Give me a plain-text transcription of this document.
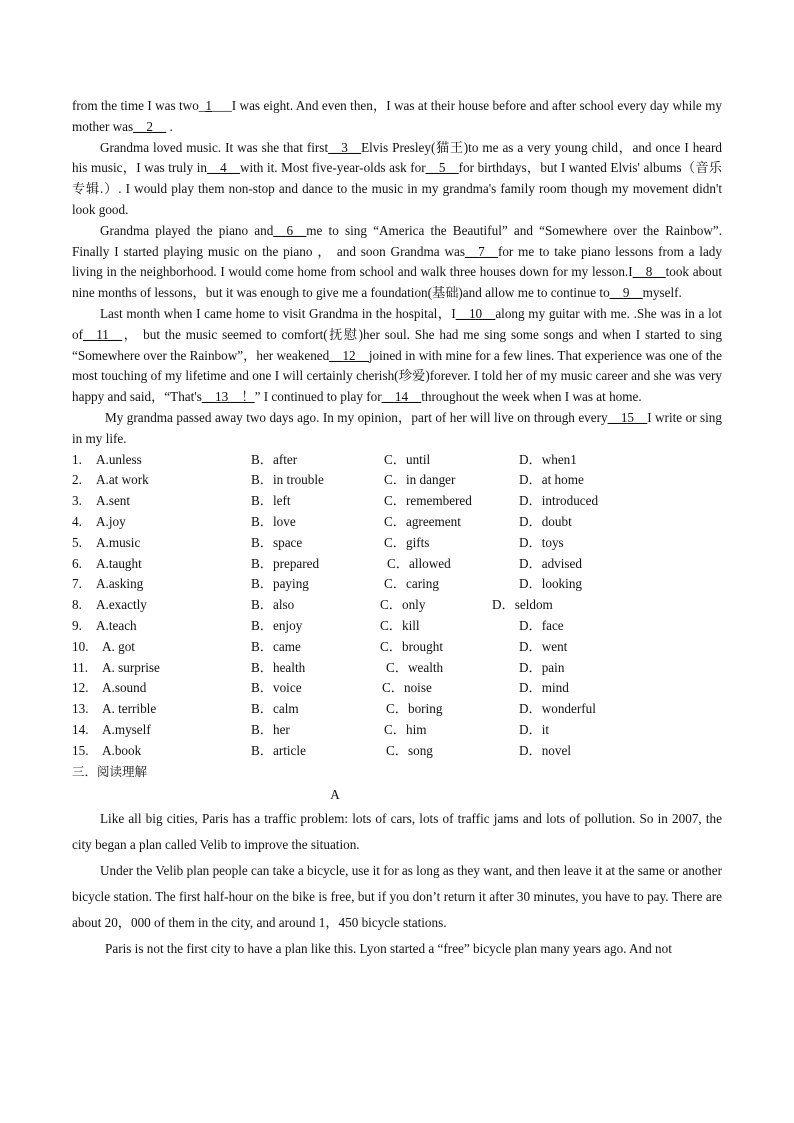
from the time I was two_1___I was eight. And even then，I was at their house before and after school every day while my mother was__2__ .

Grandma loved music. It was she that first__3__Elvis Presley(猫王)to me as a very young child，and once I heard his music，I was truly in__4__with it. Most five-year-olds ask for__5__for birthdays，but I wanted Elvis' albums（音乐专辑.）. I would play them non-stop and dance to the music in my grandma's family room though my movement didn't look good.

Grandma played the piano and__6__me to sing “America the Beautiful” and “Somewhere over the Rainbow”. Finally I started playing music on the piano ， and soon Grandma was__7__for me to take piano lessons from a lady living in the neighborhood. I would come home from school and walk three houses down for my lesson.I__8__took about nine months of lessons，but it was enough to give me a foundation(基础)and allow me to continue to__9__myself.

Last month when I came home to visit Grandma in the hospital，I__10__along my guitar with me. .She was in a lot of__11__， but the music seemed to comfort(抚慰)her soul. She had me sing some songs and when I started to sing “Somewhere over the Rainbow”，her weakened__12__joined in with mine for a few lines. That experience was one of the most touching of my lifetime and one I will certainly cherish(珍爱)forever. I told her of my music career and she was very happy and said，“That's__13__！” I continued to play for__14__throughout the week when I was at home.

My grandma passed away two days ago. In my opinion，part of her will live on through every__15__I write or sing in my life.

1. A.unless	B．after	C．until	D．when1
2. A.at work	B．in trouble	C．in danger	D．at home
3. A.sent	B．left	C．remembered	D．introduced
4. A.joy	B．love	C．agreement	D．doubt
5. A.music	B．space	C．gifts	D．toys
6. A.taught	B．prepared	C．allowed	D．advised
7. A.asking	B．paying	C．caring	D．looking
8. A.exactly	B．also	C．only	D．seldom
9. A.teach	B．enjoy	C．kill	D．face
10. A. got	B．came	C．brought	D．went
11. A. surprise	B．health	C．wealth	D．pain
12. A.sound	B．voice	C．noise	D．mind
13. A. terrible	B．calm	C．boring	D．wonderful
14. A.myself	B．her	C．him	D．it
15. A.book	B．article	C．song	D．novel
三．阅读理解
A

Like all big cities, Paris has a traffic problem: lots of cars, lots of traffic jams and lots of pollution. So in 2007, the city began a plan called Velib to improve the situation.

Under the Velib plan people can take a bicycle, use it for as long as they want, and then leave it at the same or another bicycle station. The first half-hour on the bike is free, but if you don’t return it after 30 minutes, you have to pay. There are about 20，000 of them in the city, and around 1，450 bicycle stations.

Paris is not the first city to have a plan like this. Lyon started a “free” bicycle plan many years ago. And not
